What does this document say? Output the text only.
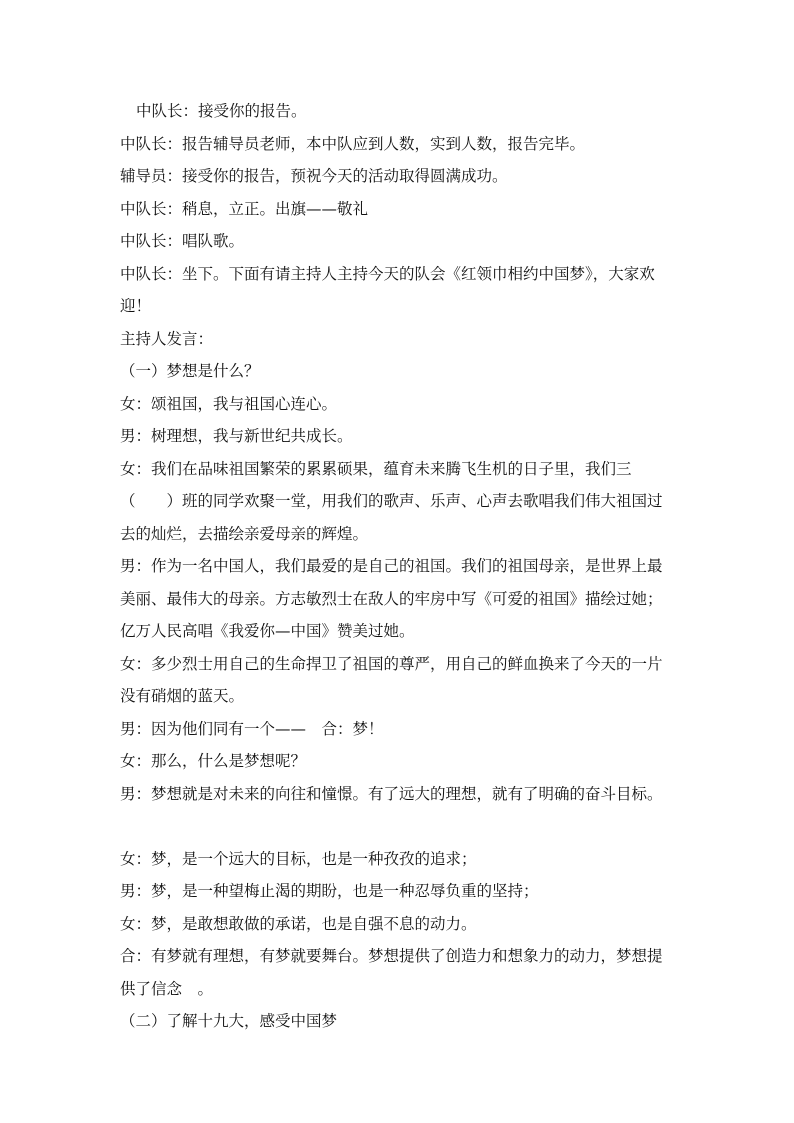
中队长：接受你的报告。
中队长：报告辅导员老师，本中队应到人数，实到人数，报告完毕。
辅导员：接受你的报告，预祝今天的活动取得圆满成功。
中队长：稍息，立正。出旗——敬礼
中队长：唱队歌。
中队长：坐下。下面有请主持人主持今天的队会《红领巾相约中国梦》，大家欢
迎！
主持人发言：
（一）梦想是什么？
女：颂祖国，我与祖国心连心。
男：树理想，我与新世纪共成长。
女：我们在品味祖国繁荣的累累硕果，蕴育未来腾飞生机的日子里，我们三
（　　）班的同学欢聚一堂，用我们的歌声、乐声、心声去歌唱我们伟大祖国过
去的灿烂，去描绘亲爱母亲的辉煌。
男：作为一名中国人，我们最爱的是自己的祖国。我们的祖国母亲，是世界上最
美丽、最伟大的母亲。方志敏烈士在敌人的牢房中写《可爱的祖国》描绘过她；
亿万人民高唱《我爱你—中国》赞美过她。
女：多少烈士用自己的生命捍卫了祖国的尊严，用自己的鲜血换来了今天的一片
没有硝烟的蓝天。
男：因为他们同有一个——　合：梦！
女：那么，什么是梦想呢？
男：梦想就是对未来的向往和憧憬。有了远大的理想，就有了明确的奋斗目标。
女：梦，是一个远大的目标，也是一种孜孜的追求；
男：梦，是一种望梅止渴的期盼，也是一种忍辱负重的坚持；
女：梦，是敢想敢做的承诺，也是自强不息的动力。
合：有梦就有理想，有梦就要舞台。梦想提供了创造力和想象力的动力，梦想提
供了信念　。
（二）了解十九大，感受中国梦
